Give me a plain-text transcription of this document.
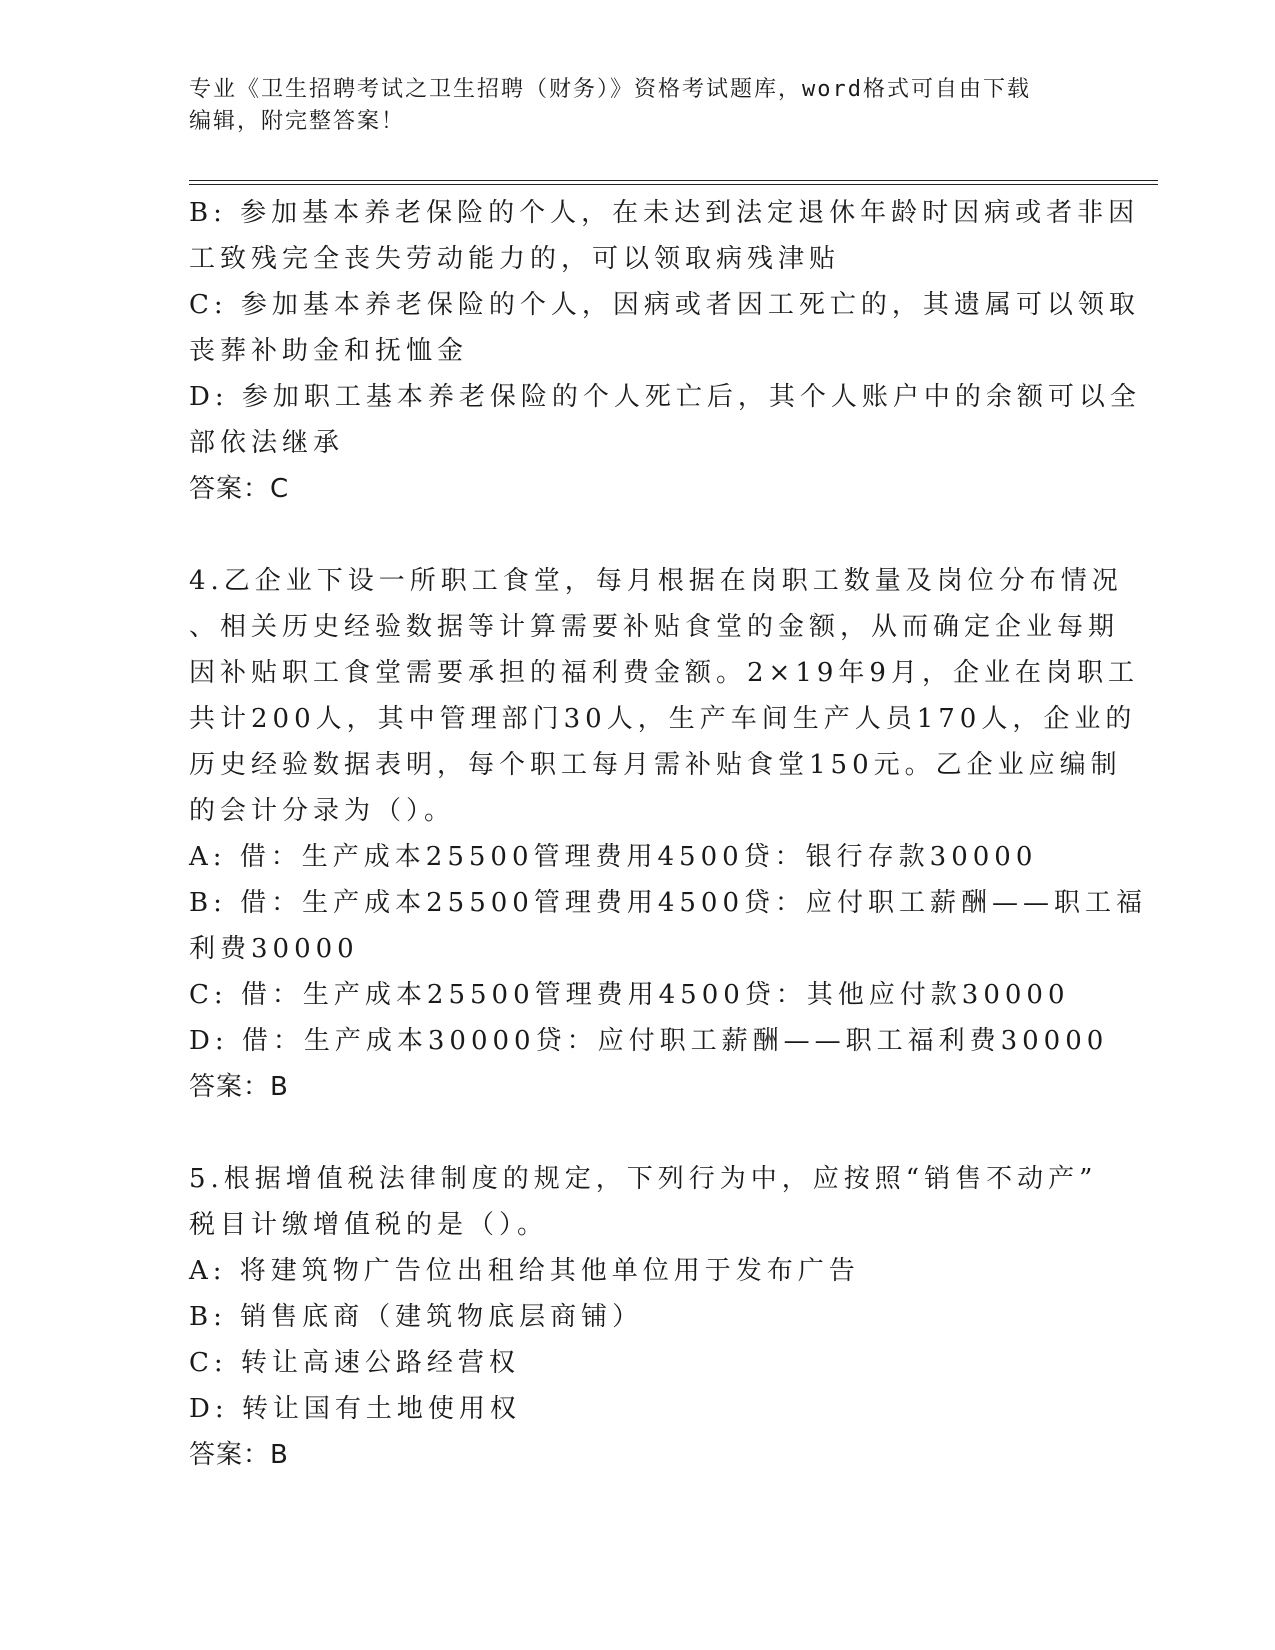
专业《卫生招聘考试之卫生招聘（财务）》资格考试题库，word格式可自由下载
编辑，附完整答案！
B: 参加基本养老保险的个人，在未达到法定退休年龄时因病或者非因
工致残完全丧失劳动能力的，可以领取病残津贴
C: 参加基本养老保险的个人，因病或者因工死亡的，其遗属可以领取
丧葬补助金和抚恤金
D: 参加职工基本养老保险的个人死亡后，其个人账户中的余额可以全
部依法继承
答案：C
4.乙企业下设一所职工食堂，每月根据在岗职工数量及岗位分布情况
、相关历史经验数据等计算需要补贴食堂的金额，从而确定企业每期
因补贴职工食堂需要承担的福利费金额。2×19年9月，企业在岗职工
共计200人，其中管理部门30人，生产车间生产人员170人，企业的
历史经验数据表明，每个职工每月需补贴食堂150元。乙企业应编制
的会计分录为（）。
A: 借：生产成本25500管理费用4500贷：银行存款30000
B: 借：生产成本25500管理费用4500贷：应付职工薪酬——职工福
利费30000
C: 借：生产成本25500管理费用4500贷：其他应付款30000
D: 借：生产成本30000贷：应付职工薪酬——职工福利费30000
答案：B
5.根据增值税法律制度的规定，下列行为中，应按照“销售不动产”
税目计缴增值税的是（）。
A: 将建筑物广告位出租给其他单位用于发布广告
B: 销售底商（建筑物底层商铺）
C: 转让高速公路经营权
D: 转让国有土地使用权
答案：B
